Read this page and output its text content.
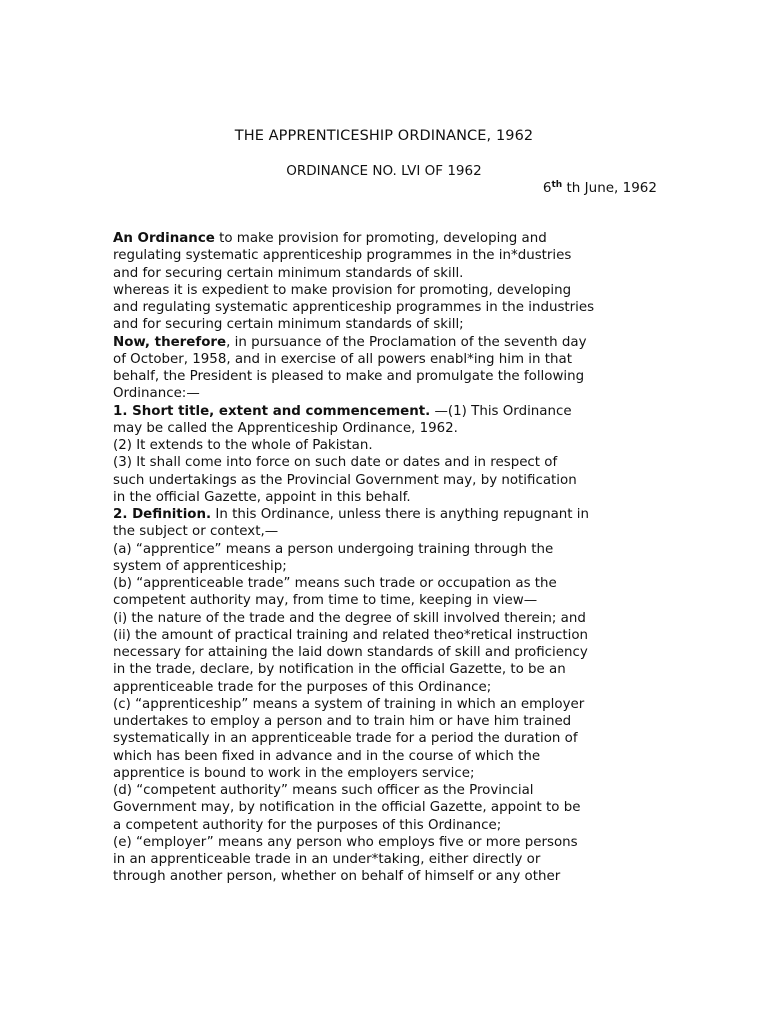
THE APPRENTICESHIP ORDINANCE, 1962
ORDINANCE NO. LVI OF 1962
6th th June, 1962
An Ordinance to make provision for promoting, developing and
regulating systematic apprenticeship programmes in the in*dustries
and for securing certain minimum standards of skill.
whereas it is expedient to make provision for promoting, developing
and regulating systematic apprenticeship programmes in the industries
and for securing certain minimum standards of skill;
Now, therefore, in pursuance of the Proclamation of the seventh day
of October, 1958, and in exercise of all powers enabl*ing him in that
behalf, the President is pleased to make and promulgate the following
Ordinance:—
1. Short title, extent and commencement. —(1) This Ordinance
may be called the Apprenticeship Ordinance, 1962.
(2) It extends to the whole of Pakistan.
(3) It shall come into force on such date or dates and in respect of
such undertakings as the Provincial Government may, by notification
in the official Gazette, appoint in this behalf.
2. Definition. In this Ordinance, unless there is anything repugnant in
the subject or context,—
(a) “apprentice” means a person undergoing training through the
system of apprenticeship;
(b) “apprenticeable trade” means such trade or occupation as the
competent authority may, from time to time, keeping in view—
(i) the nature of the trade and the degree of skill involved therein; and
(ii) the amount of practical training and related theo*retical instruction
necessary for attaining the laid down standards of skill and proficiency
in the trade, declare, by notification in the official Gazette, to be an
apprenticeable trade for the purposes of this Ordinance;
(c) “apprenticeship” means a system of training in which an employer
undertakes to employ a person and to train him or have him trained
systematically in an apprenticeable trade for a period the duration of
which has been fixed in advance and in the course of which the
apprentice is bound to work in the employers service;
(d) “competent authority” means such officer as the Provincial
Government may, by notification in the official Gazette, appoint to be
a competent authority for the purposes of this Ordinance;
(e) “employer” means any person who employs five or more persons
in an apprenticeable trade in an under*taking, either directly or
through another person, whether on behalf of himself or any other
